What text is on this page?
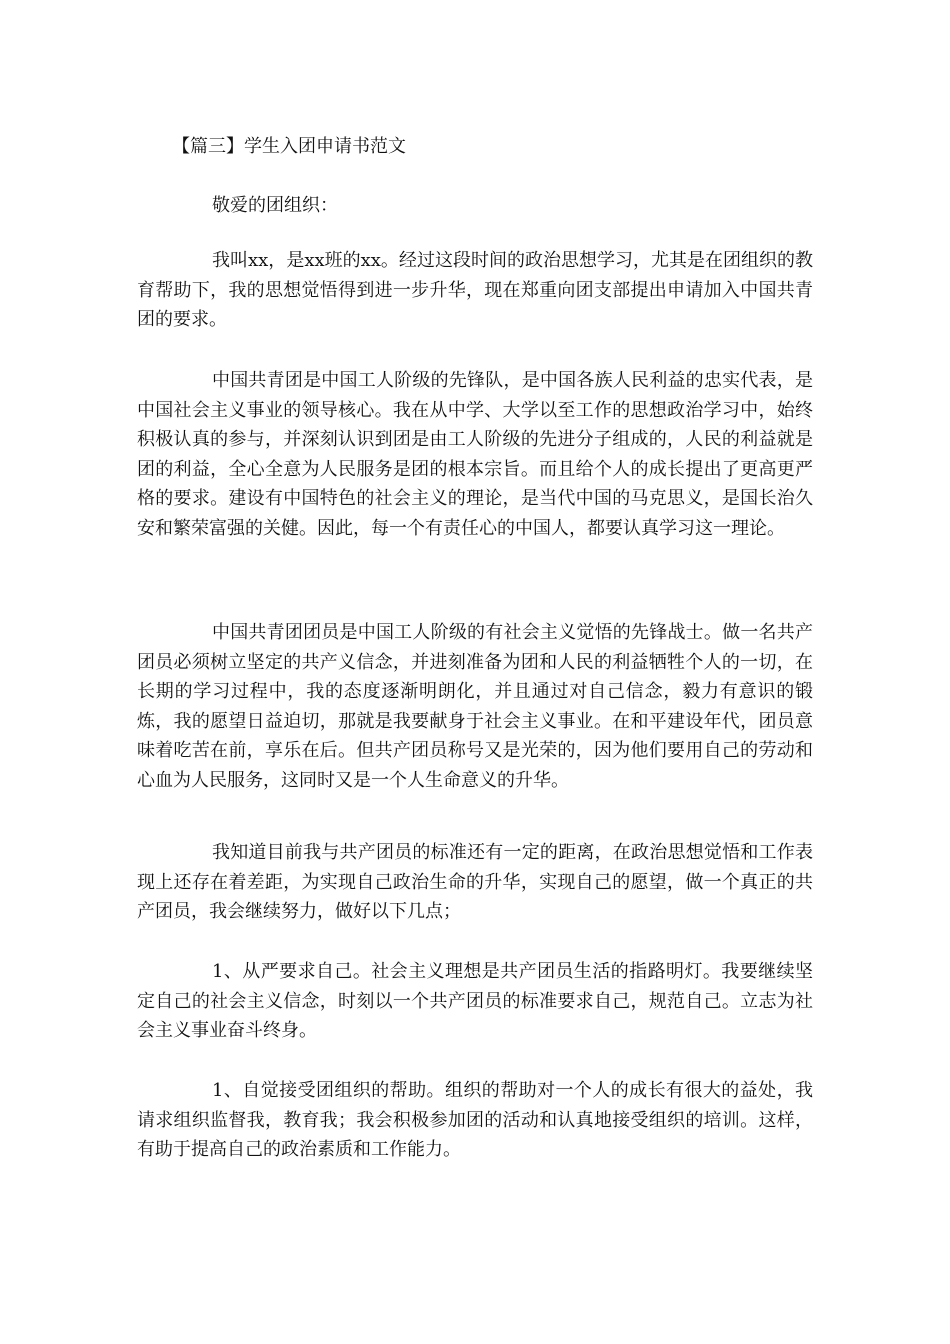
【篇三】学生入团申请书范文
敬爱的团组织：

我叫xx，是xx班的xx。经过这段时间的政治思想学习，尤其是在团组织的教育帮助下，我的思想觉悟得到进一步升华，现在郑重向团支部提出申请加入中国共青团的要求。

中国共青团是中国工人阶级的先锋队，是中国各族人民利益的忠实代表，是中国社会主义事业的领导核心。我在从中学、大学以至工作的思想政治学习中，始终积极认真的参与，并深刻认识到团是由工人阶级的先进分子组成的，人民的利益就是团的利益，全心全意为人民服务是团的根本宗旨。而且给个人的成长提出了更高更严格的要求。建设有中国特色的社会主义的理论，是当代中国的马克思义，是国长治久安和繁荣富强的关健。因此，每一个有责任心的中国人，都要认真学习这一理论。

中国共青团团员是中国工人阶级的有社会主义觉悟的先锋战士。做一名共产团员必须树立坚定的共产义信念，并进刻准备为团和人民的利益牺牲个人的一切，在长期的学习过程中，我的态度逐渐明朗化，并且通过对自己信念，毅力有意识的锻炼，我的愿望日益迫切，那就是我要献身于社会主义事业。在和平建设年代，团员意味着吃苦在前，享乐在后。但共产团员称号又是光荣的，因为他们要用自己的劳动和心血为人民服务，这同时又是一个人生命意义的升华。

我知道目前我与共产团员的标准还有一定的距离，在政治思想觉悟和工作表现上还存在着差距，为实现自己政治生命的升华，实现自己的愿望，做一个真正的共产团员，我会继续努力，做好以下几点；

1、从严要求自己。社会主义理想是共产团员生活的指路明灯。我要继续坚定自己的社会主义信念，时刻以一个共产团员的标准要求自己，规范自己。立志为社会主义事业奋斗终身。

1、自觉接受团组织的帮助。组织的帮助对一个人的成长有很大的益处，我请求组织监督我，教育我；我会积极参加团的活动和认真地接受组织的培训。这样，有助于提高自己的政治素质和工作能力。
